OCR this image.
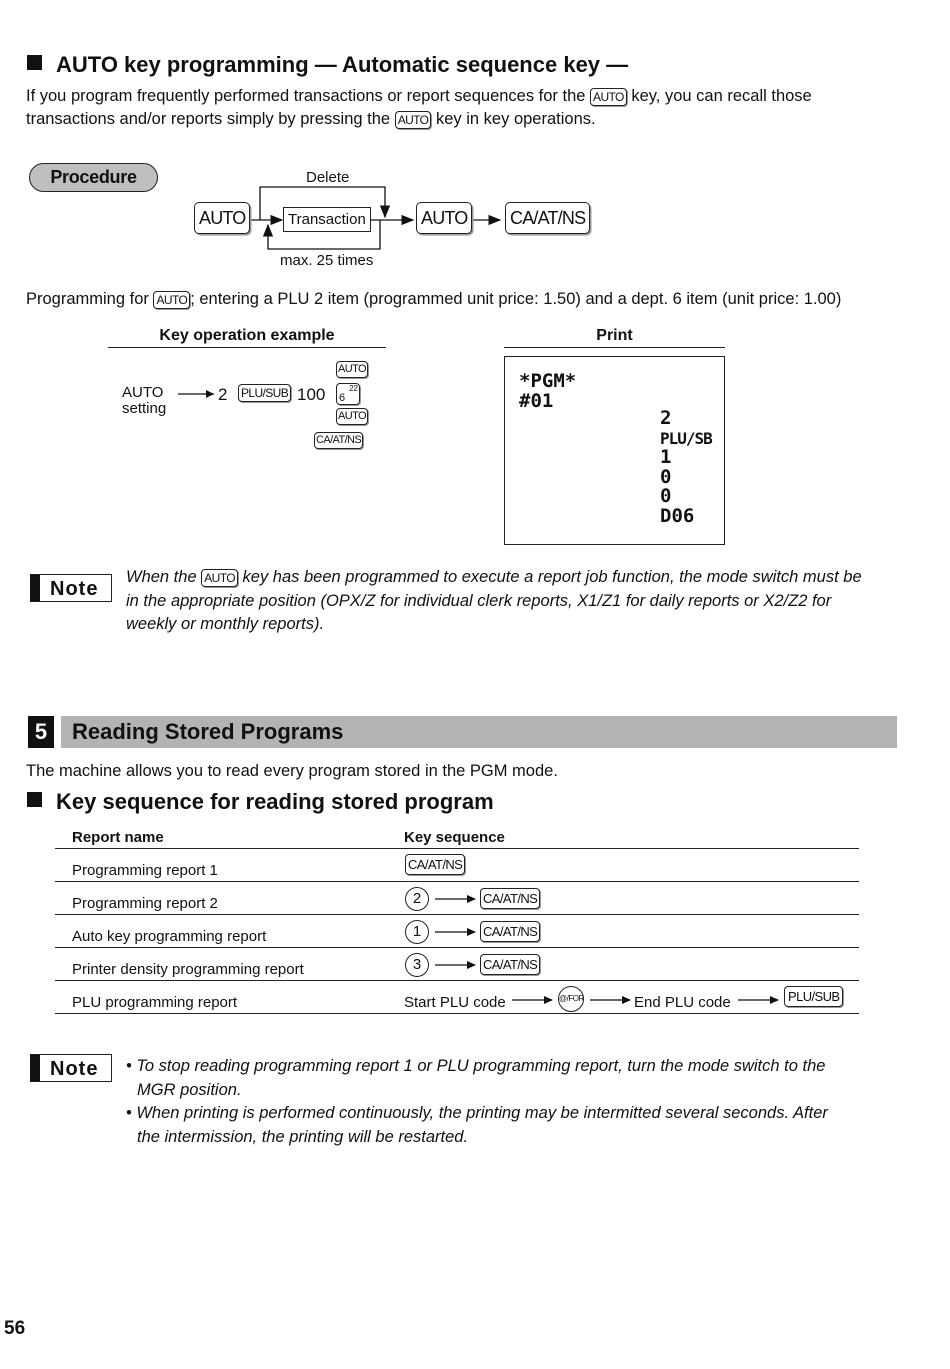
AUTO key programming — Automatic sequence key —
If you program frequently performed transactions or report sequences for the AUTO key, you can recall those
transactions and/or reports simply by pressing the AUTO key in key operations.
Procedure	Delete
AUTO	Transaction	AUTO CA/AT/NS
max. 25 times
Programming for AUTO ; entering a PLU 2 item (programmed unit price: 1.50) and a dept. 6 item (unit price: 1.00)
Key operation example
AUTO
setting
2 PLU/SUB 100
AUTO
22
6
AUTO
CA/AT/NS
Print
*PGM*
#01
2
PLU/SB
1
0
0
D06
Note
When the AUTO key has been programmed to execute a report job function, the mode switch must be
in the appropriate position (OPX/Z for individual clerk reports, X1/Z1 for daily reports or X2/Z2 for
weekly or monthly reports).
5	Reading Stored Programs
The machine allows you to read every program stored in the PGM mode.
Key sequence for reading stored program
Report name	Key sequence
Programming report 1	CA/AT/NS
Programming report 2	2	CA/AT/NS
Auto key programming report	1	CA/AT/NS
Printer density programming report	3	CA/AT/NS
PLU programming report	Start PLU code	@/FOR	End PLU code	PLU/SUB
Note	• To stop reading programming report 1 or PLU programming report, turn the mode switch to the
MGR position.
• When printing is performed continuously, the printing may be intermitted several seconds. After
the intermission, the printing will be restarted.
56
